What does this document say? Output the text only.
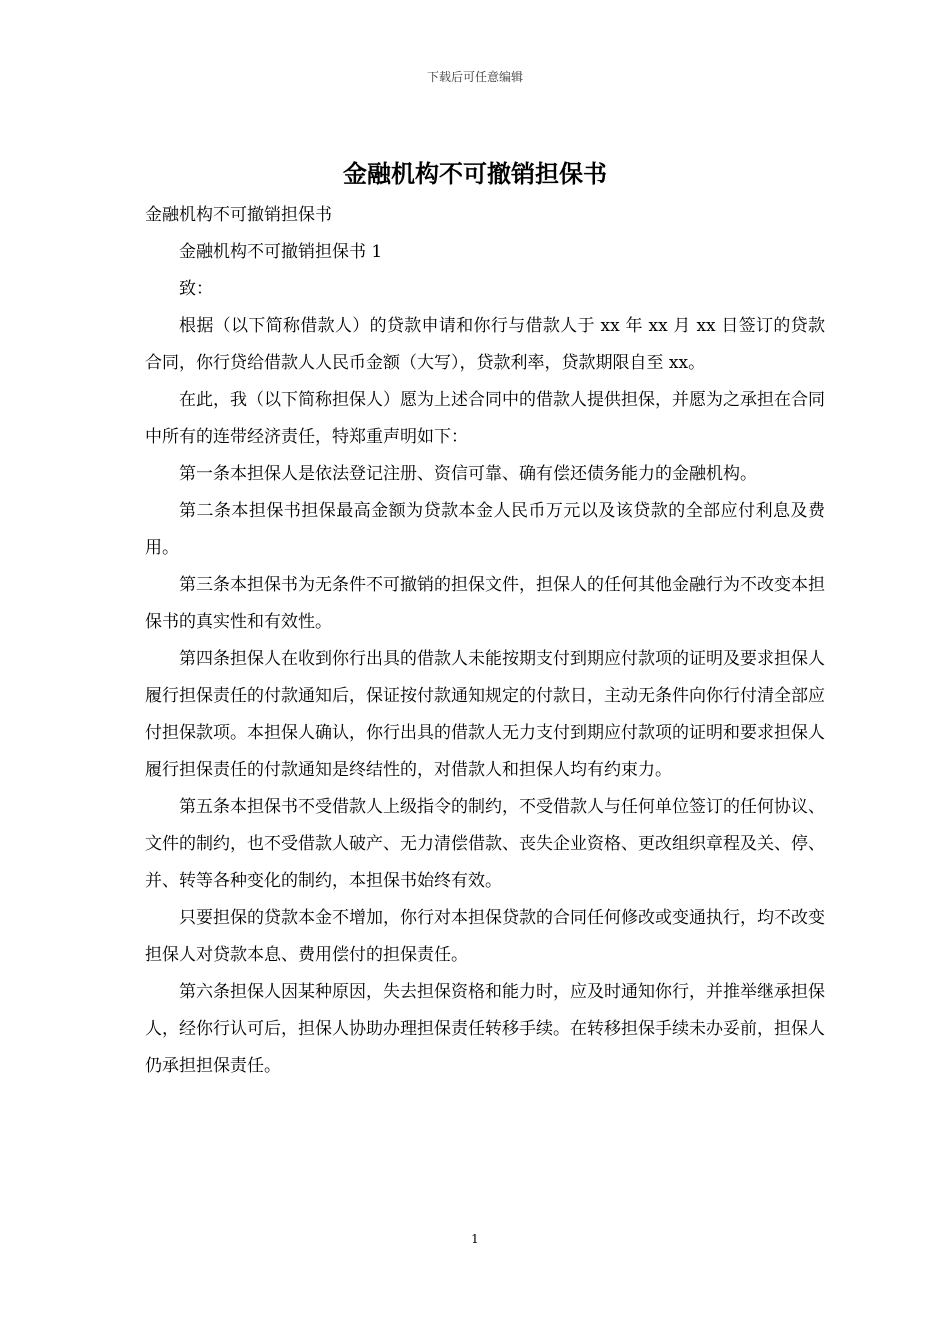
下载后可任意编辑
金融机构不可撤销担保书

金融机构不可撤销担保书

金融机构不可撤销担保书 1

致：

根据（以下简称借款人）的贷款申请和你行与借款人于 xx 年 xx 月 xx 日签订的贷款合同，你行贷给借款人人民币金额（大写），贷款利率，贷款期限自至 xx。

在此，我（以下简称担保人）愿为上述合同中的借款人提供担保，并愿为之承担在合同中所有的连带经济责任，特郑重声明如下：

第一条本担保人是依法登记注册、资信可靠、确有偿还债务能力的金融机构。

第二条本担保书担保最高金额为贷款本金人民币万元以及该贷款的全部应付利息及费用。

第三条本担保书为无条件不可撤销的担保文件，担保人的任何其他金融行为不改变本担保书的真实性和有效性。

第四条担保人在收到你行出具的借款人未能按期支付到期应付款项的证明及要求担保人履行担保责任的付款通知后，保证按付款通知规定的付款日，主动无条件向你行付清全部应付担保款项。本担保人确认，你行出具的借款人无力支付到期应付款项的证明和要求担保人履行担保责任的付款通知是终结性的，对借款人和担保人均有约束力。

第五条本担保书不受借款人上级指令的制约，不受借款人与任何单位签订的任何协议、文件的制约，也不受借款人破产、无力清偿借款、丧失企业资格、更改组织章程及关、停、并、转等各种变化的制约，本担保书始终有效。

只要担保的贷款本金不增加，你行对本担保贷款的合同任何修改或变通执行，均不改变担保人对贷款本息、费用偿付的担保责任。

第六条担保人因某种原因，失去担保资格和能力时，应及时通知你行，并推举继承担保人，经你行认可后，担保人协助办理担保责任转移手续。在转移担保手续未办妥前，担保人仍承担担保责任。

1
